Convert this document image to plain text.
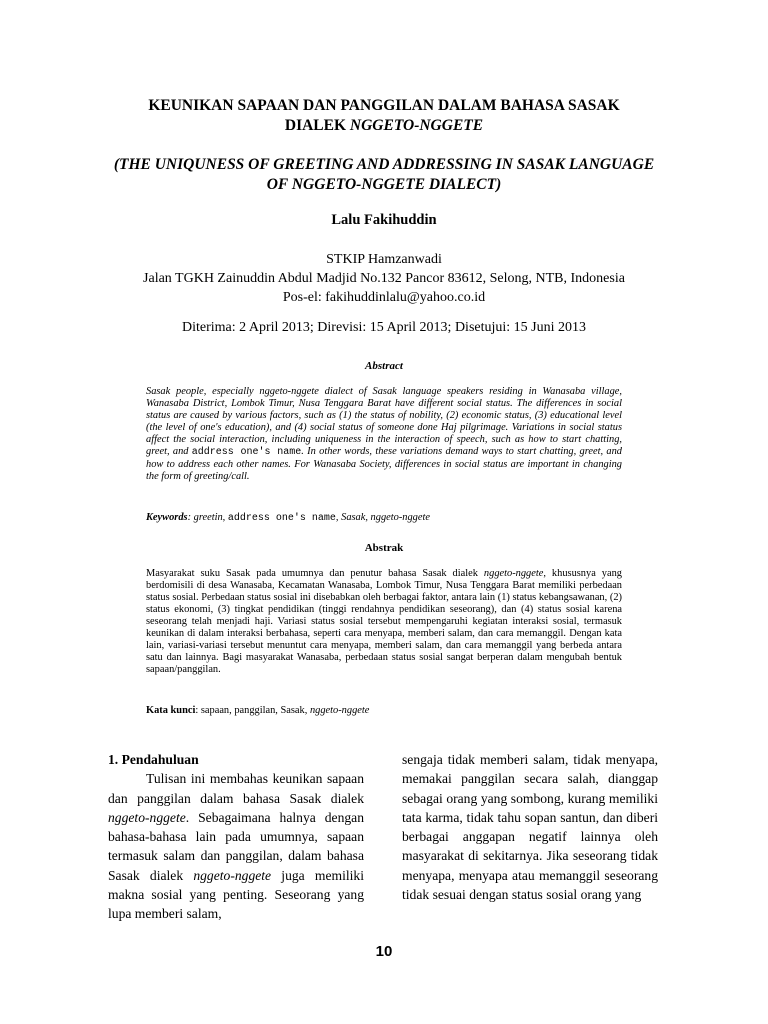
KEUNIKAN SAPAAN DAN PANGGILAN DALAM BAHASA SASAK
DIALEK NGGETO-NGGETE
(THE UNIQUNESS OF GREETING AND ADDRESSING IN SASAK LANGUAGE
OF NGGETO-NGGETE DIALECT)
Lalu Fakihuddin
STKIP Hamzanwadi
Jalan TGKH Zainuddin Abdul Madjid No.132 Pancor 83612, Selong, NTB, Indonesia
Pos-el: fakihuddinlalu@yahoo.co.id
Diterima: 2 April 2013; Direvisi: 15 April 2013; Disetujui: 15 Juni 2013
Abstract
Sasak people, especially nggeto-nggete dialect of Sasak language speakers residing in Wanasaba village, Wanasaba District, Lombok Timur, Nusa Tenggara Barat have different social status. The differences in social status are caused by various factors, such as (1) the status of nobility, (2) economic status, (3) educational level (the level of one's education), and (4) social status of someone done Haj pilgrimage. Variations in social status affect the social interaction, including uniqueness in the interaction of speech, such as how to start chatting, greet, and address one's name. In other words, these variations demand ways to start chatting, greet, and how to address each other names. For Wanasaba Society, differences in social status are important in changing the form of greeting/call.
Keywords: greetin, address one's name, Sasak, nggeto-nggete
Abstrak
Masyarakat suku Sasak pada umumnya dan penutur bahasa Sasak dialek nggeto-nggete, khususnya yang berdomisili di desa Wanasaba, Kecamatan Wanasaba, Lombok Timur, Nusa Tenggara Barat memiliki perbedaan status sosial. Perbedaan status sosial ini disebabkan oleh berbagai faktor, antara lain (1) status kebangsawanan, (2) status ekonomi, (3) tingkat pendidikan (tinggi rendahnya pendidikan seseorang), dan (4) status sosial karena seseorang telah menjadi haji. Variasi status sosial tersebut mempengaruhi kegiatan interaksi sosial, termasuk keunikan di dalam interaksi berbahasa, seperti cara menyapa, memberi salam, dan cara memanggil. Dengan kata lain, variasi-variasi tersebut menuntut cara menyapa, memberi salam, dan cara memanggil yang berbeda antara satu dan lainnya. Bagi masyarakat Wanasaba, perbedaan status sosial sangat berperan dalam mengubah bentuk sapaan/panggilan.
Kata kunci: sapaan, panggilan, Sasak, nggeto-nggete

1. Pendahuluan

Tulisan ini membahas keunikan sapaan dan panggilan dalam bahasa Sasak dialek nggeto-nggete. Sebagaimana halnya dengan bahasa-bahasa lain pada umumnya, sapaan termasuk salam dan panggilan, dalam bahasa Sasak dialek nggeto-nggete juga memiliki makna sosial yang penting. Seseorang yang lupa memberi salam,

sengaja tidak memberi salam, tidak menyapa, memakai panggilan secara salah, dianggap sebagai orang yang sombong, kurang memiliki tata karma, tidak tahu sopan santun, dan diberi berbagai anggapan negatif lainnya oleh masyarakat di sekitarnya. Jika seseorang tidak menyapa, menyapa atau memanggil seseorang tidak sesuai dengan status sosial orang yang

10
